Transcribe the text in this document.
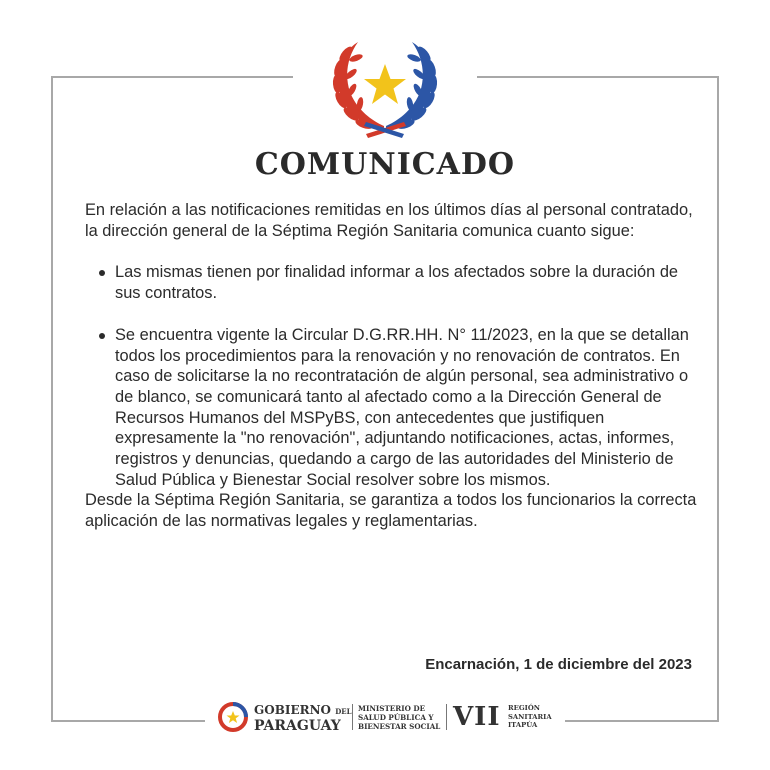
COMUNICADO

En relación a las notificaciones remitidas en los últimos días al personal contratado, la dirección general de la Séptima Región Sanitaria comunica cuanto sigue:

Las mismas tienen por finalidad informar a los afectados sobre la duración de sus contratos.
Se encuentra vigente la Circular D.G.RR.HH. N° 11/2023, en la que se detallan todos los procedimientos para la renovación y no renovación de contratos. En caso de solicitarse la no recontratación de algún personal, sea administrativo o de blanco, se comunicará tanto al afectado como a la Dirección General de Recursos Humanos del MSPyBS, con antecedentes que justifiquen expresamente la "no renovación", adjuntando notificaciones, actas, informes, registros y denuncias, quedando a cargo de las autoridades del Ministerio de Salud Pública y Bienestar Social resolver sobre los mismos.

Desde la Séptima Región Sanitaria, se garantiza a todos los funcionarios la correcta aplicación de las normativas legales y reglamentarias.

Encarnación, 1 de diciembre del 2023
GOBIERNO DEL
PARAGUAY
MINISTERIO DE
SALUD PÚBLICA Y
BIENESTAR SOCIAL VII REGIÓN
SANITARIA
ITAPÚA
